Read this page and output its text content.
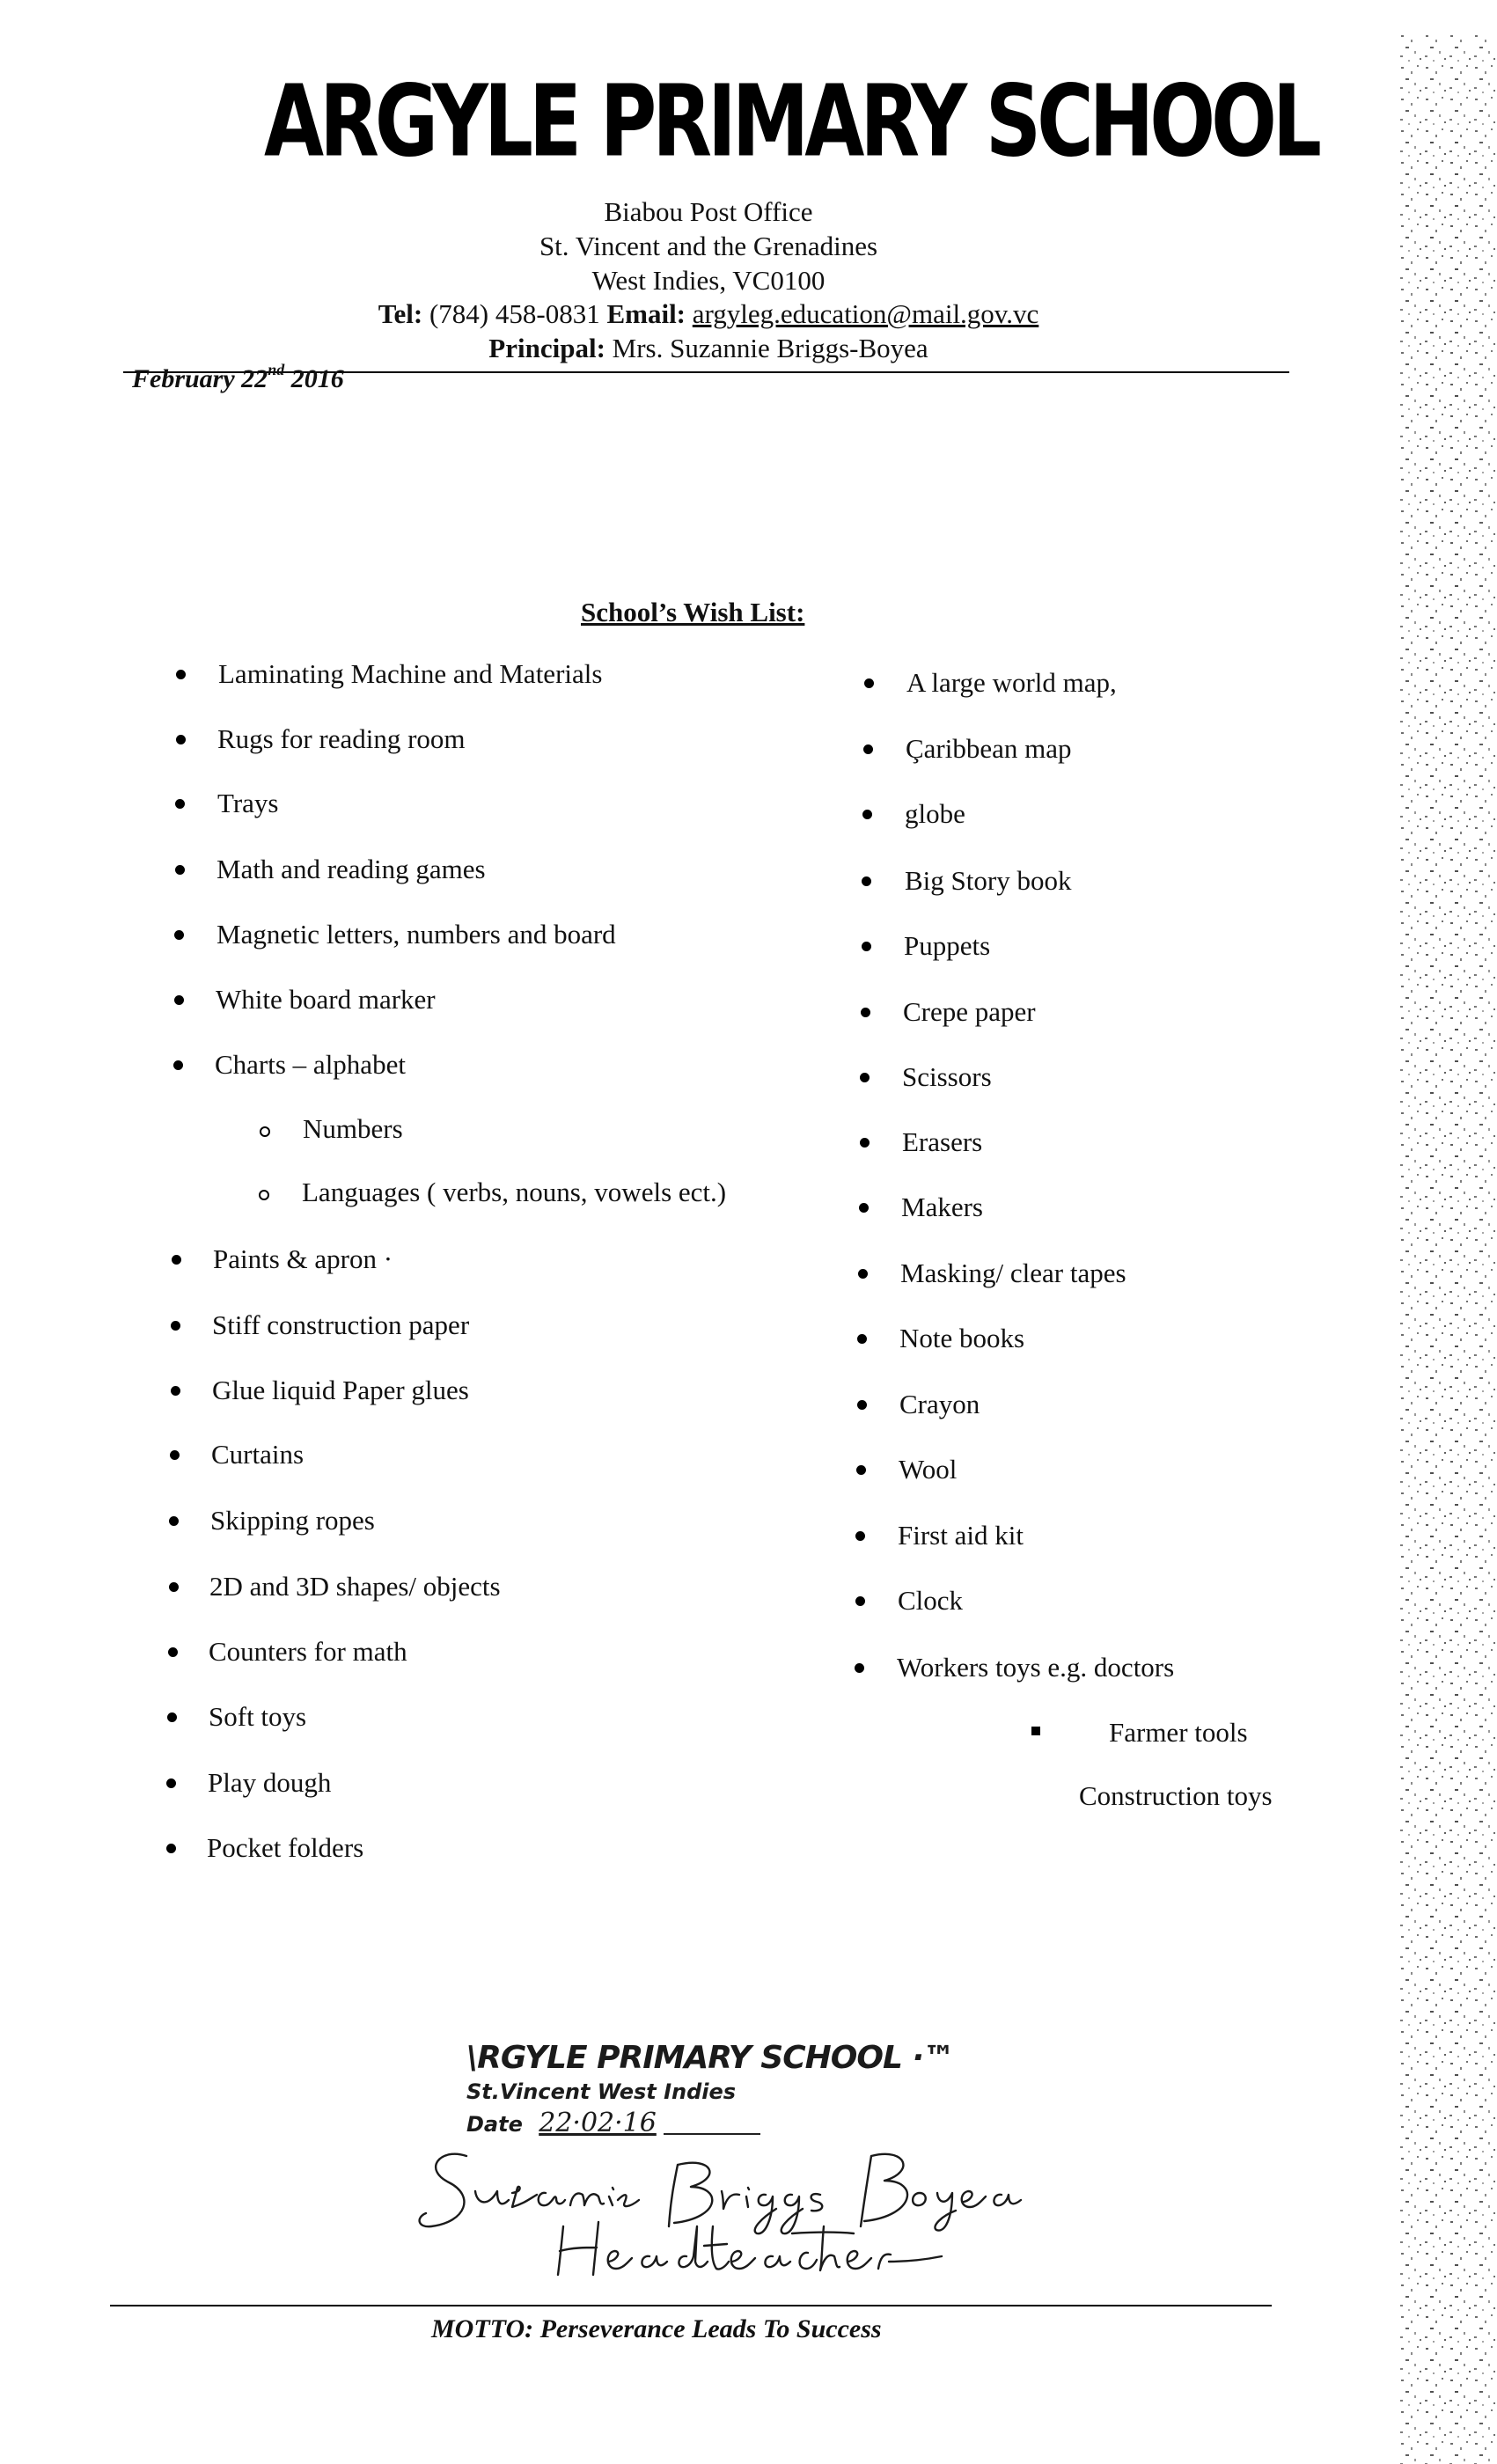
ARGYLE PRIMARY SCHOOL
Biabou Post Office
St. Vincent and the Grenadines
West Indies, VC0100
Tel: (784) 458-0831 Email: argyleg.education@mail.gov.vc
Principal: Mrs. Suzannie Briggs-Boyea
February 22nd 2016
School’s Wish List:
Laminating Machine and Materials
Rugs for reading room
Trays
Math and reading games
Magnetic letters, numbers and board
White board marker
Charts – alphabet
Numbers
Languages ( verbs, nouns, vowels ect.)
Paints & apron ·
Stiff construction paper
Glue liquid Paper glues
Curtains
Skipping ropes
2D and 3D shapes/ objects
Counters for math
Soft toys
Play dough
Pocket folders
A large world map,
Çaribbean map
globe
Big Story book
Puppets
Crepe paper
Scissors
Erasers
Makers
Masking/ clear tapes
Note books
Crayon
Wool
First aid kit
Clock
Workers toys e.g. doctors
Farmer tools
Construction toys
\RGYLE PRIMARY SCHOOL ·™
St.Vincent West Indies
Date 22·02·16
MOTTO: Perseverance Leads To Success
